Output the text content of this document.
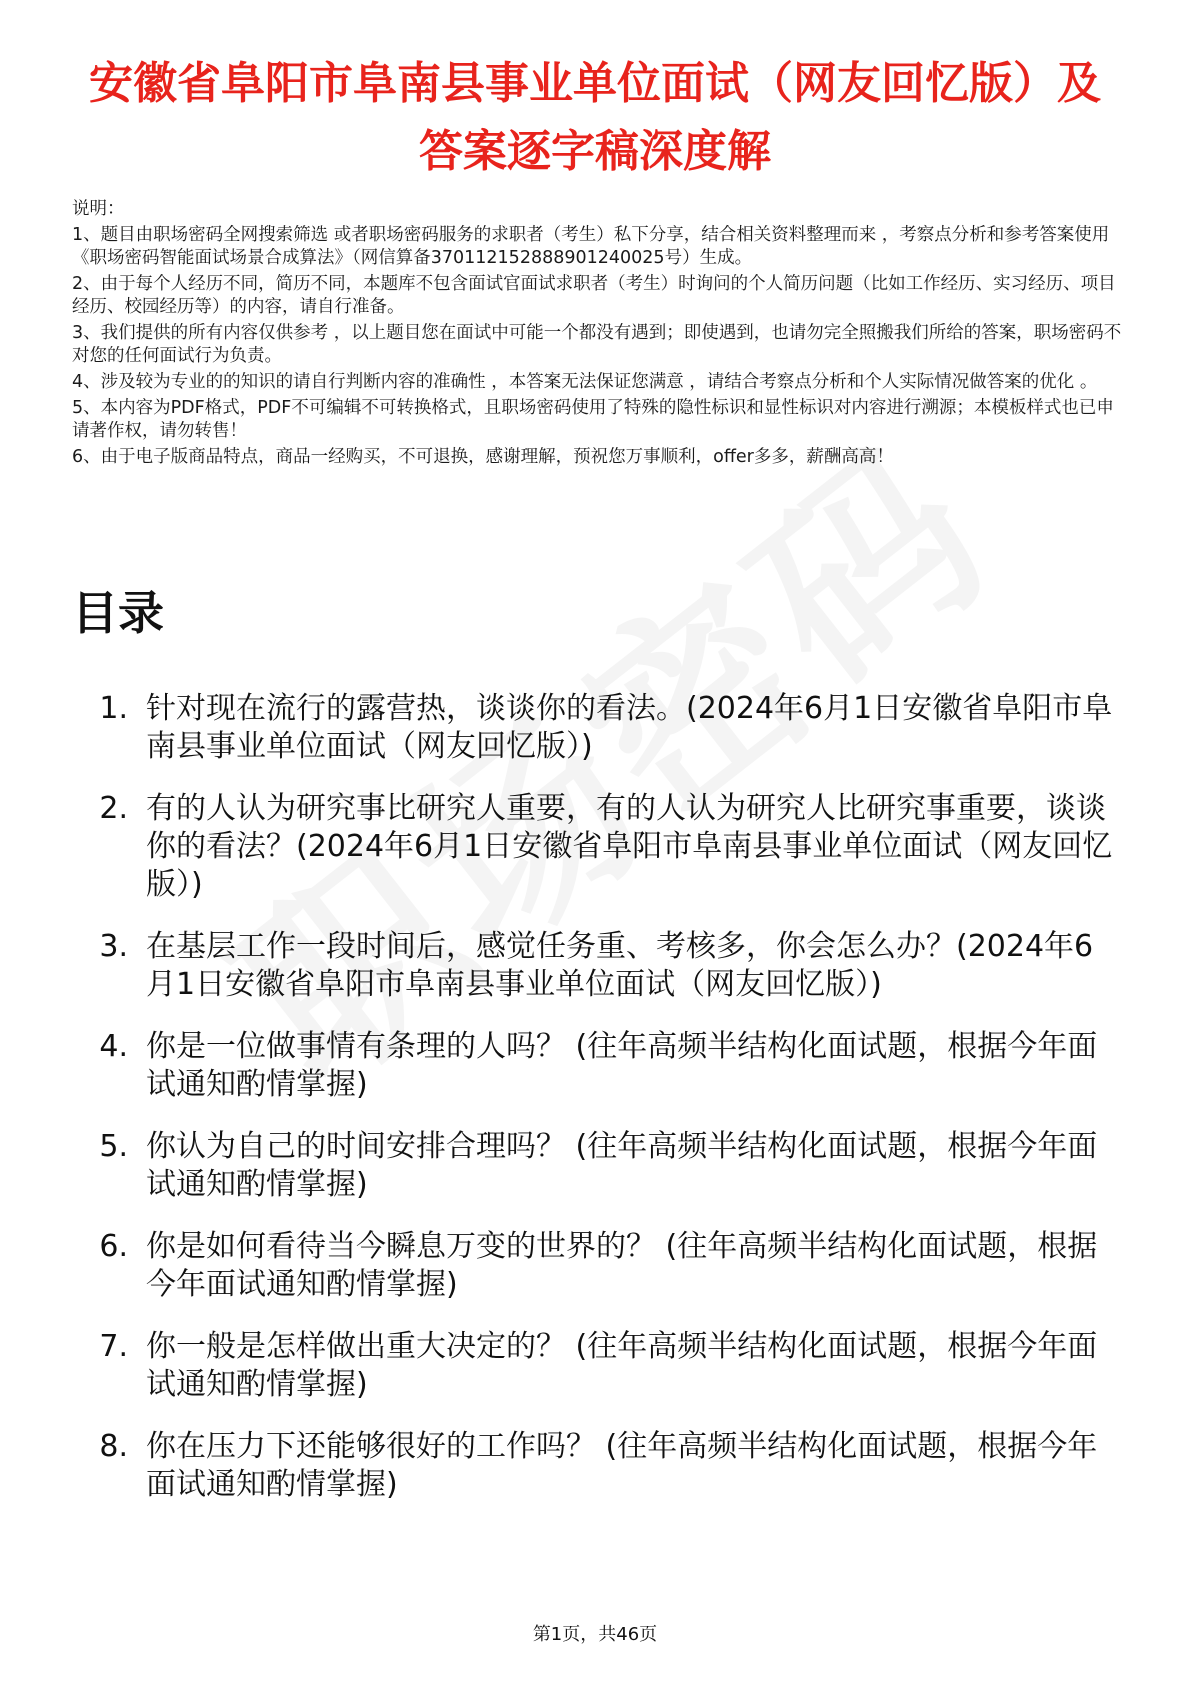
安徽省阜阳市阜南县事业单位面试（网友回忆版）及答案逐字稿深度解

说明：

1、题目由职场密码全网搜索筛选 或者职场密码服务的求职者（考生）私下分享，结合相关资料整理而来 ，考察点分析和参考答案使用《职场密码智能面试场景合成算法》（网信算备370112152888901240025号）生成。

2、由于每个人经历不同，简历不同，本题库不包含面试官面试求职者（考生）时询问的个人简历问题（比如工作经历、实习经历、项目经历、校园经历等）的内容，请自行准备。

3、我们提供的所有内容仅供参考 ，以上题目您在面试中可能一个都没有遇到；即使遇到，也请勿完全照搬我们所给的答案，职场密码不对您的任何面试行为负责。

4、涉及较为专业的的知识的请自行判断内容的准确性 ，本答案无法保证您满意 ，请结合考察点分析和个人实际情况做答案的优化 。

5、本内容为PDF格式，PDF不可编辑不可转换格式，且职场密码使用了特殊的隐性标识和显性标识对内容进行溯源；本模板样式也已申请著作权，请勿转售！

6、由于电子版商品特点，商品一经购买，不可退换，感谢理解，预祝您万事顺利，offer多多，薪酬高高！

目录
1. 针对现在流行的露营热，谈谈你的看法。(2024年6月1日安徽省阜阳市阜南县事业单位面试（网友回忆版）)
2. 有的人认为研究事比研究人重要，有的人认为研究人比研究事重要，谈谈你的看法？(2024年6月1日安徽省阜阳市阜南县事业单位面试（网友回忆版）)
3. 在基层工作一段时间后，感觉任务重、考核多，你会怎么办？(2024年6月1日安徽省阜阳市阜南县事业单位面试（网友回忆版）)
4. 你是一位做事情有条理的人吗？ (往年高频半结构化面试题，根据今年面试通知酌情掌握)
5. 你认为自己的时间安排合理吗？ (往年高频半结构化面试题，根据今年面试通知酌情掌握)
6. 你是如何看待当今瞬息万变的世界的？ (往年高频半结构化面试题，根据今年面试通知酌情掌握)
7. 你一般是怎样做出重大决定的？ (往年高频半结构化面试题，根据今年面试通知酌情掌握)
8. 你在压力下还能够很好的工作吗？ (往年高频半结构化面试题，根据今年面试通知酌情掌握)
第1页，共46页
